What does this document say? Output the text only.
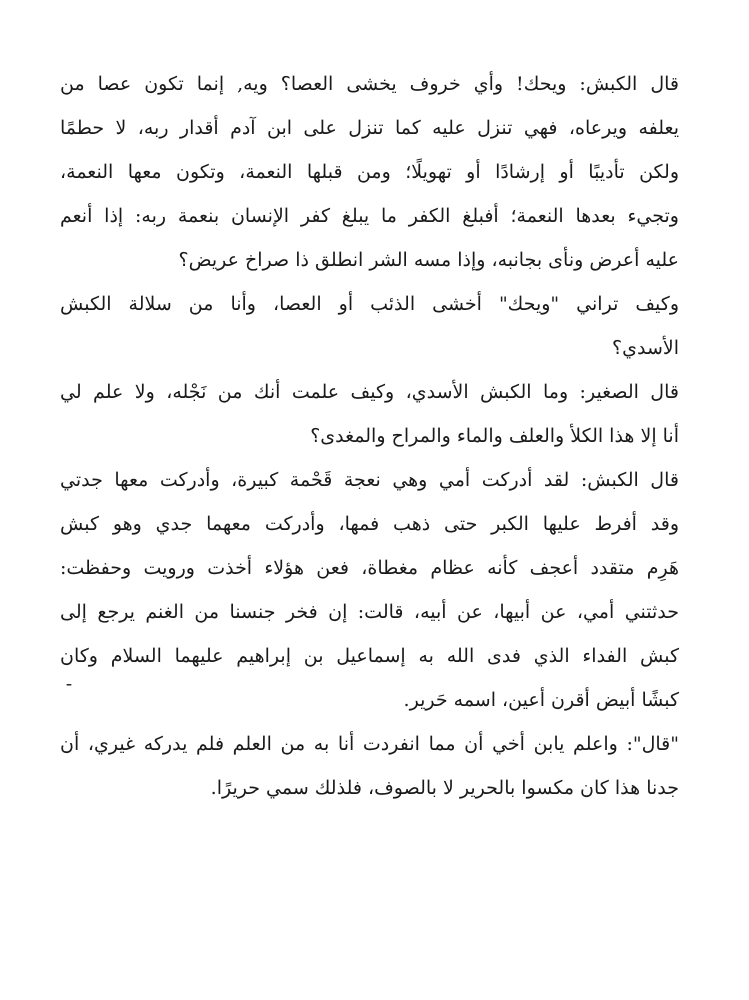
قال الكبش: ويحك! وأي خروف يخشى العصا؟ ويه, إنما تكون عصا من
يعلفه ويرعاه، فهي تنزل عليه كما تنزل على ابن آدم أقدار ربه، لا حطمًا
ولكن تأديبًا أو إرشادًا أو تهويلًا؛ ومن قبلها النعمة، وتكون معها النعمة،
وتجيء بعدها النعمة؛ أفبلغ الكفر ما يبلغ كفر الإنسان بنعمة ربه: إذا أنعم
عليه أعرض ونأى بجانبه، وإذا مسه الشر انطلق ذا صراخ عريض؟
وكيف تراني "ويحك" أخشى الذئب أو العصا، وأنا من سلالة الكبش
الأسدي؟
قال الصغير: وما الكبش الأسدي، وكيف علمت أنك من نَجْله، ولا علم لي
أنا إلا هذا الكلأ والعلف والماء والمراح والمغدى؟
قال الكبش: لقد أدركت أمي وهي نعجة قَحْمة كبيرة، وأدركت معها جدتي
وقد أفرط عليها الكبر حتى ذهب فمها، وأدركت معهما جدي وهو كبش
هَرِم متقدد أعجف كأنه عظام مغطاة، فعن هؤلاء أخذت ورويت وحفظت:
حدثتني أمي، عن أبيها، عن أبيه، قالت: إن فخر جنسنا من الغنم يرجع إلى
كبش الفداء الذي فدى الله به إسماعيل بن إبراهيم عليهما السلام وكان
كبشًا أبيض أقرن أعين، اسمه حَرير.
"قال": واعلم يابن أخي أن مما انفردت أنا به من العلم فلم يدركه غيري، أن
جدنا هذا كان مكسوا بالحرير لا بالصوف، فلذلك سمي حريرًا.
-
